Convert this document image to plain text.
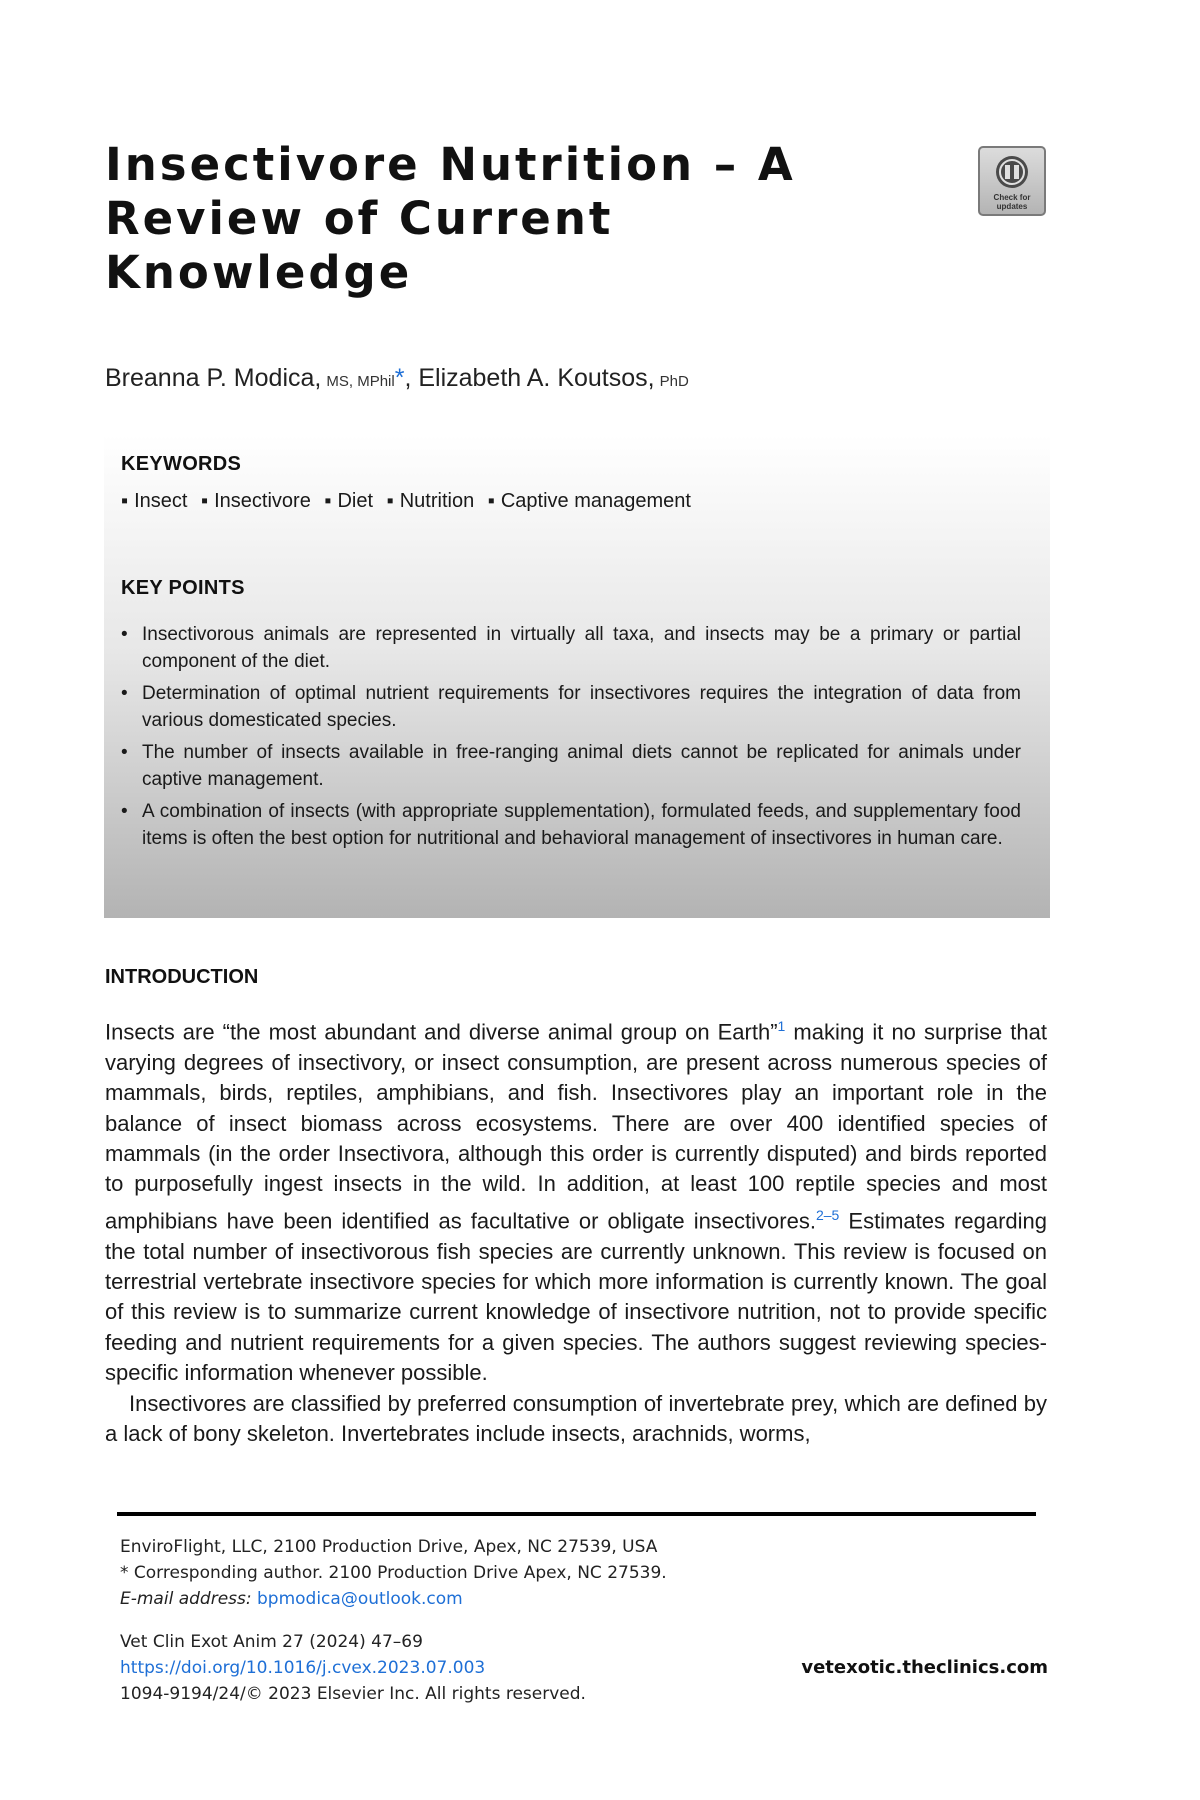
Insectivore Nutrition – A Review of Current Knowledge
Check for updates

Breanna P. Modica, MS, MPhil*, Elizabeth A. Koutsos, PhD

KEYWORDS
▪ Insect ▪ Insectivore ▪ Diet ▪ Nutrition ▪ Captive management
KEY POINTS
• Insectivorous animals are represented in virtually all taxa, and insects may be a primary or partial component of the diet.
• Determination of optimal nutrient requirements for insectivores requires the integration of data from various domesticated species.
• The number of insects available in free-ranging animal diets cannot be replicated for animals under captive management.
• A combination of insects (with appropriate supplementation), formulated feeds, and supplementary food items is often the best option for nutritional and behavioral management of insectivores in human care.
INTRODUCTION

Insects are “the most abundant and diverse animal group on Earth”$^1$ making it no surprise that varying degrees of insectivory, or insect consumption, are present across numerous species of mammals, birds, reptiles, amphibians, and fish. Insectivores play an important role in the balance of insect biomass across ecosystems. There are over 400 identified species of mammals (in the order Insectivora, although this order is currently disputed) and birds reported to purposefully ingest insects in the wild. In addition, at least 100 reptile species and most amphibians have been identified as facultative or obligate insectivores.$^{2-5}$ Estimates regarding the total number of insectivorous fish species are currently unknown. This review is focused on terrestrial vertebrate insectivore species for which more information is currently known. The goal of this review is to summarize current knowledge of insectivore nutrition, not to provide specific feeding and nutrient requirements for a given species. The authors suggest reviewing species-specific information whenever possible.

Insectivores are classified by preferred consumption of invertebrate prey, which are defined by a lack of bony skeleton. Invertebrates include insects, arachnids, worms,

EnviroFlight, LLC, 2100 Production Drive, Apex, NC 27539, USA

* Corresponding author. 2100 Production Drive Apex, NC 27539.

E-mail address: bpmodica@outlook.com

Vet Clin Exot Anim 27 (2024) 47–69

https://doi.org/10.1016/j.cvex.2023.07.003

1094-9194/24/© 2023 Elsevier Inc. All rights reserved.

vetexotic.theclinics.com
